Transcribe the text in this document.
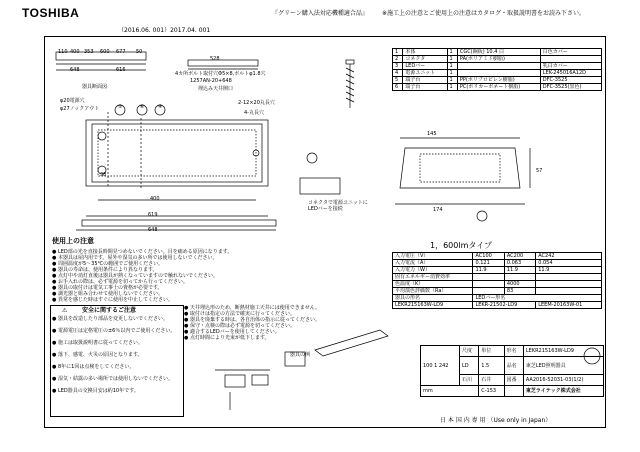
TOSHIBA
（2016.06. 001）2017.04. 001
『グリーン購入法対応機種適合品』 ※施工上の注意とご使用上の注意はカタログ・取扱説明書をお読み下さい。
110 400 353 600 677 50
648	616
528
器具断面図
4カ所ボルト取付穴Φ5×8,ボルトφ1.8穴
1257AN-20+648
埋込み天井開口
φ20電源穴
φ27ノックアウト
2-12×20丸長穴
4-丸長穴
⑤	⑥	④
38
400
619
648
1	本体	1	CGC(鋼板) 10.4 白	白色カバー
2	コネクタ	1	PA(ポリアミド樹脂)	
3	LEDバー	1		乳白カバー
4	電源ユニット	1		LEK-245016A12D
5	端子台	1	PP(ポリプロピレン樹脂)	DFC-3525
6	端子台	1	PC(ポリカーボネート樹脂)	DFC-3525(黒色)
145
57
174
コネクタで電源ユニットに
LEDバーを接続
1，600lmタイプ
入力電圧（V）	AC100	AC200	AC242
入力電流（A）	0.121	0.063	0.054
入力電力（W）	11.9	11.9	11.9
固有エネルギー消費効率			
色温度（K）		4000	
平均演色評価数（Ra）		83	
器具の形名	LEDバー形名		
LEKR215163W-LD9	LEKR-21502-LD9		LEEM-20163W-01
使用上の注意
● LED部の光を直接長時間見つめないでください。目を痛める原因になります。
● 本器具は屋内用です。屋外や湿気の多い所では使用しないでください。
● 周囲温度が5〜35℃の範囲でご使用ください。
● 器具の寿命は、使用条件により異なります。
● 点灯中や消灯直後は器具が熱くなっていますので触れないでください。
● お手入れの際は、必ず電源を切ってから行ってください。
● 器具の取付けは電気工事士の資格が必要です。
● 調光器と組み合わせて使用しないでください。
● 異常を感じた時はすぐに使用を中止してください。
安全に関するご注意
⚠
● 器具を改造したり部品を変更しないでください。
● 電源電圧は定格電圧の±6％以内でご使用ください。
● 施工は取扱説明書に従ってください。
● 落下、感電、火災の原因となります。
● 8年に1回は点検をしてください。
● 湿気・結露の多い場所では使用しないでください。
● LED器具の交換目安は約10年です。
● 天井埋込形のため、断熱材施工天井には使用できません。
● 取付けは指定の方法で確実に行ってください。
● 器具を廃棄する時は、各自治体の指示に従ってください。
● 保守・点検の際は必ず電源を切ってください。
● 適合するLEDバーを使用してください。
● 点灯時間により光束が低下します。
器具の例
100 1 242	尺度	単位	形名	LEKR215163W-LD9
	LD	1.5	品名	東芝LED照明器具
	石川	石井	図番	AA2016-52031-03(1/2)
mm		C-153		東芝ライテック株式会社
日 本 国 内 専 用 （Use only in Japan）
